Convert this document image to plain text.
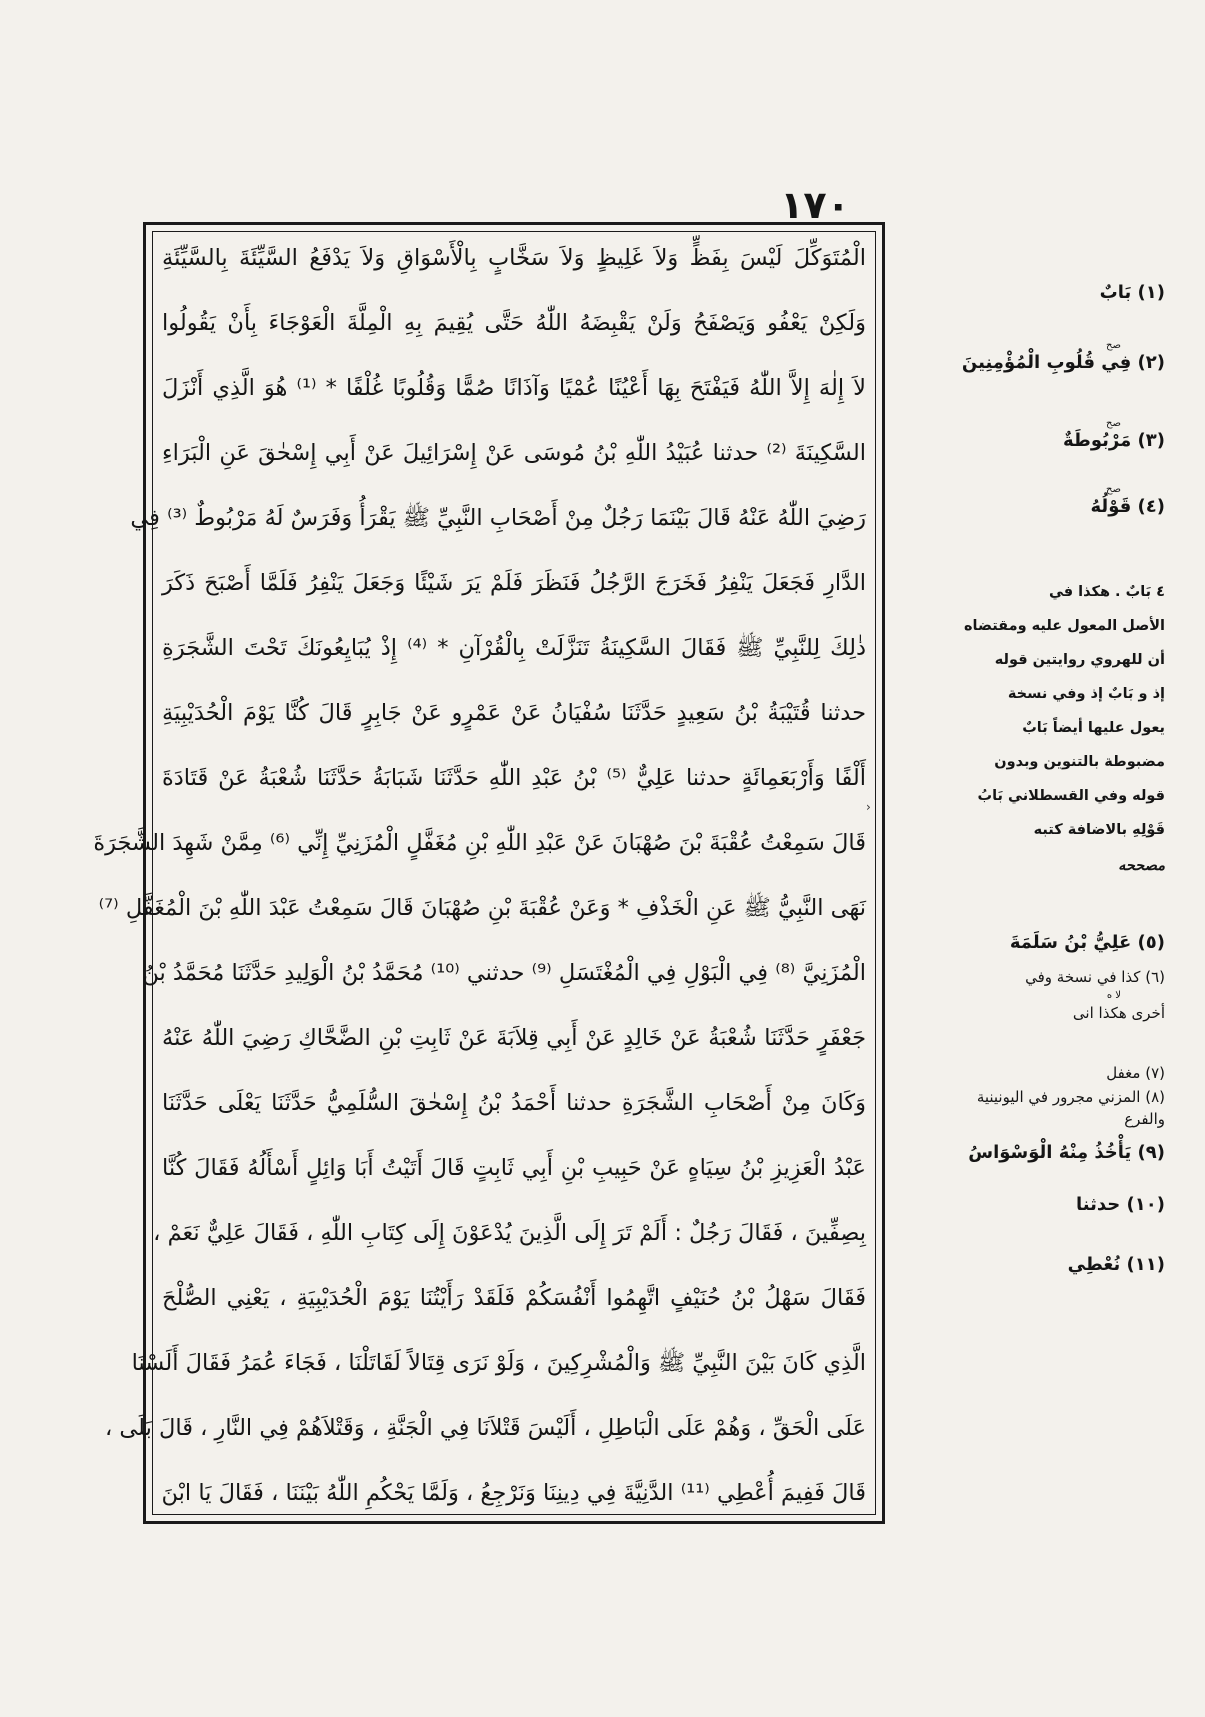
١٧٠
الْمُتَوَكِّلَ لَيْسَ بِفَظٍّ وَلاَ غَلِيظٍ وَلاَ سَخَّابٍ بِالْأَسْوَاقِ وَلاَ يَدْفَعُ السَّيِّئَةَ بِالسَّيِّئَةِ
وَلَكِنْ يَعْفُو وَيَصْفَحُ وَلَنْ يَقْبِضَهُ اللّٰهُ حَتَّى يُقِيمَ بِهِ الْمِلَّةَ الْعَوْجَاءَ بِأَنْ يَقُولُوا
لاَ إِلٰهَ إِلاَّ اللّٰهُ فَيَفْتَحَ بِهَا أَعْيُنًا عُمْيًا وَآذَانًا صُمًّا وَقُلُوبًا غُلْفًا * ⁽¹⁾ هُوَ الَّذِي أَنْزَلَ
السَّكِينَةَ ⁽²⁾ حدثنا عُبَيْدُ اللّٰهِ بْنُ مُوسَى عَنْ إِسْرَائِيلَ عَنْ أَبِي إِسْحٰقَ عَنِ الْبَرَاءِ
رَضِيَ اللّٰهُ عَنْهُ قَالَ بَيْنَمَا رَجُلٌ مِنْ أَصْحَابِ النَّبِيِّ ﷺ يَقْرَأُ وَفَرَسٌ لَهُ مَرْبُوطٌ ⁽³⁾ فِي
الدَّارِ فَجَعَلَ يَنْفِرُ فَخَرَجَ الرَّجُلُ فَنَظَرَ فَلَمْ يَرَ شَيْئًا وَجَعَلَ يَنْفِرُ فَلَمَّا أَصْبَحَ ذَكَرَ
ذٰلِكَ لِلنَّبِيِّ ﷺ فَقَالَ السَّكِينَةُ تَنَزَّلَتْ بِالْقُرْآنِ * ⁽⁴⁾ إِذْ يُبَايِعُونَكَ تَحْتَ الشَّجَرَةِ
حدثنا قُتَيْبَةُ بْنُ سَعِيدٍ حَدَّثَنَا سُفْيَانُ عَنْ عَمْرٍو عَنْ جَابِرٍ قَالَ كُنَّا يَوْمَ الْحُدَيْبِيَةِ
أَلْفًا وَأَرْبَعَمِائَةٍ حدثنا عَلِيٌّ ⁽⁵⁾ بْنُ عَبْدِ اللّٰهِ حَدَّثَنَا شَبَابَةُ حَدَّثَنَا شُعْبَةُ عَنْ قَتَادَةَ
قَالَ سَمِعْتُ عُقْبَةَ بْنَ صُهْبَانَ عَنْ عَبْدِ اللّٰهِ بْنِ مُغَفَّلٍ الْمُزَنِيِّ إِنِّي ⁽⁶⁾ مِمَّنْ شَهِدَ الشَّجَرَةَ
نَهَى النَّبِيُّ ﷺ عَنِ الْخَذْفِ * وَعَنْ عُقْبَةَ بْنِ صُهْبَانَ قَالَ سَمِعْتُ عَبْدَ اللّٰهِ بْنَ الْمُغَفَّلِ ⁽⁷⁾
الْمُزَنِيَّ ⁽⁸⁾ فِي الْبَوْلِ فِي الْمُغْتَسَلِ ⁽⁹⁾ حدثني ⁽¹⁰⁾ مُحَمَّدُ بْنُ الْوَلِيدِ حَدَّثَنَا مُحَمَّدُ بْنُ
جَعْفَرٍ حَدَّثَنَا شُعْبَةُ عَنْ خَالِدٍ عَنْ أَبِي قِلاَبَةَ عَنْ ثَابِتِ بْنِ الضَّحَّاكِ رَضِيَ اللّٰهُ عَنْهُ
وَكَانَ مِنْ أَصْحَابِ الشَّجَرَةِ حدثنا أَحْمَدُ بْنُ إِسْحٰقَ السُّلَمِيُّ حَدَّثَنَا يَعْلَى حَدَّثَنَا
عَبْدُ الْعَزِيزِ بْنُ سِيَاهٍ عَنْ حَبِيبِ بْنِ أَبِي ثَابِتٍ قَالَ أَتَيْتُ أَبَا وَائِلٍ أَسْأَلُهُ فَقَالَ كُنَّا
بِصِفِّينَ ، فَقَالَ رَجُلٌ : أَلَمْ تَرَ إِلَى الَّذِينَ يُدْعَوْنَ إِلَى كِتَابِ اللّٰهِ ، فَقَالَ عَلِيٌّ نَعَمْ ،
فَقَالَ سَهْلُ بْنُ حُنَيْفٍ اتَّهِمُوا أَنْفُسَكُمْ فَلَقَدْ رَأَيْتُنَا يَوْمَ الْحُدَيْبِيَةِ ، يَعْنِي الصُّلْحَ
الَّذِي كَانَ بَيْنَ النَّبِيِّ ﷺ وَالْمُشْرِكِينَ ، وَلَوْ نَرَى قِتَالاً لَقَاتَلْنَا ، فَجَاءَ عُمَرُ فَقَالَ أَلَسْنَا
عَلَى الْحَقِّ ، وَهُمْ عَلَى الْبَاطِلِ ، أَلَيْسَ قَتْلاَنَا فِي الْجَنَّةِ ، وَقَتْلاَهُمْ فِي النَّارِ ، قَالَ بَلَى ،
قَالَ فَفِيمَ أُعْطِي ⁽¹¹⁾ الدَّنِيَّةَ فِي دِينِنَا وَنَرْجِعُ ، وَلَمَّا يَحْكُمِ اللّٰهُ بَيْنَنَا ، فَقَالَ يَا ابْنَ
›
(١) بَابٌ
صح
(٢) فِي قُلُوبِ الْمُؤْمِنِينَ
صح
(٣) مَرْبُوطَةٌ
صح
(٤) قَوْلُهُ
٤ بَابٌ . هكذا في
الأصل المعول عليه ومقتضاه
أن للهروي روايتين قوله
إذ و بَابٌ إذ وفي نسخة
يعول عليها أيضاً بَابٌ
مضبوطة بالتنوين وبدون
قوله وفي القسطلاني بَابُ
قَوْلِهِ بالاضافة كتبه
مصححه
(٥) عَلِيُّ بْنُ سَلَمَةَ
(٦) كذا في نسخة وفي
لا ه
أخرى هكذا انى
(٧) مغفل
(٨) المزني مجرور في اليونينية
والفرع
(٩) يَأْخُذُ مِنْهُ الْوَسْوَاسُ
(١٠) حدثنا
(١١) نُعْطِي
